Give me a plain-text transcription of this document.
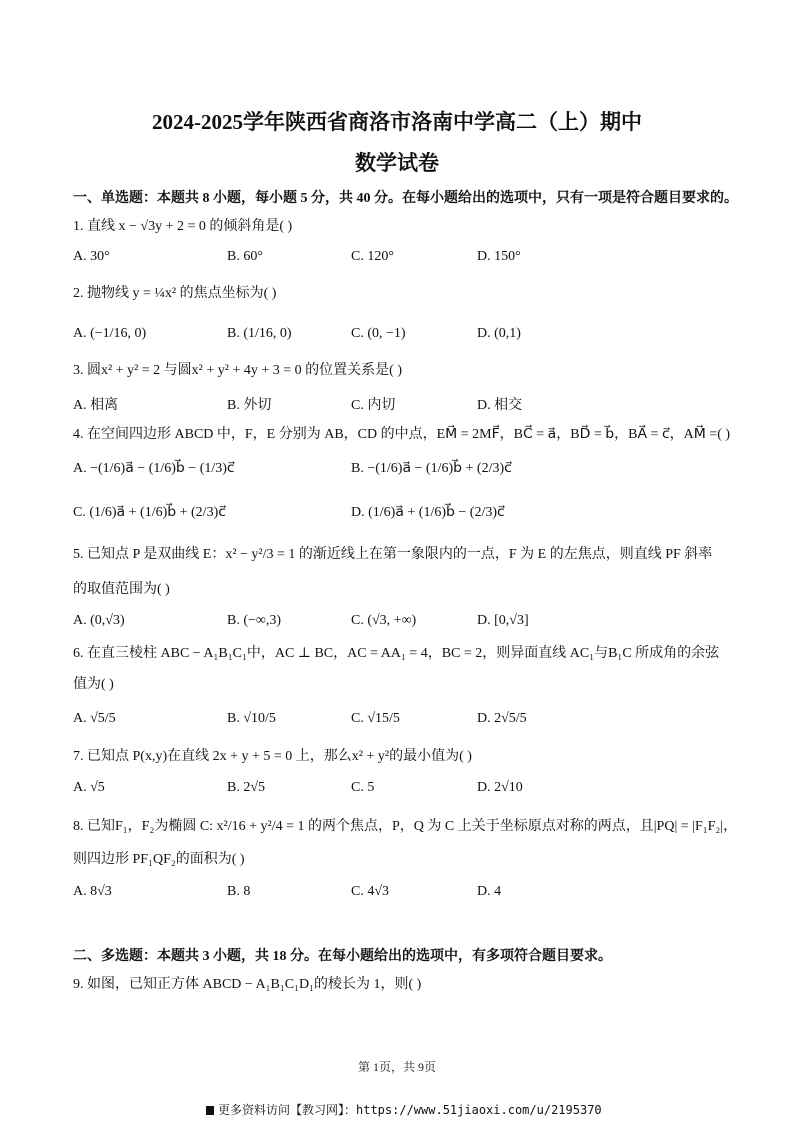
2024-2025学年陕西省商洛市洛南中学高二（上）期中
数学试卷
一、单选题：本题共 8 小题，每小题 5 分，共 40 分。在每小题给出的选项中，只有一项是符合题目要求的。
1. 直线 x − √3y + 2 = 0 的倾斜角是( )
A. 30°	B. 60°	C. 120°	D. 150°
2. 抛物线 y = ¼x² 的焦点坐标为( )
A. (−1/16, 0)	B. (1/16, 0)	C. (0, −1)	D. (0,1)
3. 圆x² + y² = 2 与圆x² + y² + 4y + 3 = 0 的位置关系是( )
A. 相离	B. 外切	C. 内切	D. 相交
4. 在空间四边形 ABCD 中，F，E 分别为 AB，CD 的中点，EM⃗ = 2MF⃗，BC⃗ = a⃗，BD⃗ = b⃗，BA⃗ = c⃗，AM⃗ =( )
A. −(1/6)a⃗ − (1/6)b⃗ − (1/3)c⃗	B. −(1/6)a⃗ − (1/6)b⃗ + (2/3)c⃗
C. (1/6)a⃗ + (1/6)b⃗ + (2/3)c⃗	D. (1/6)a⃗ + (1/6)b⃗ − (2/3)c⃗
5. 已知点 P 是双曲线 E：x² − y²/3 = 1 的渐近线上在第一象限内的一点，F 为 E 的左焦点，则直线 PF 斜率
的取值范围为( )
A. (0,√3)	B. (−∞,3)	C. (√3, +∞)	D. [0,√3]
6. 在直三棱柱 ABC − A₁B₁C₁中，AC ⊥ BC，AC = AA₁ = 4，BC = 2，则异面直线 AC₁与B₁C 所成角的余弦
值为( )
A. √5/5	B. √10/5	C. √15/5	D. 2√5/5
7. 已知点 P(x,y)在直线 2x + y + 5 = 0 上，那么x² + y²的最小值为( )
A. √5	B. 2√5	C. 5	D. 2√10
8. 已知F₁，F₂为椭圆 C: x²/16 + y²/4 = 1 的两个焦点，P，Q 为 C 上关于坐标原点对称的两点，且|PQ| = |F₁F₂|，
则四边形 PF₁QF₂的面积为( )
A. 8√3	B. 8	C. 4√3	D. 4
二、多选题：本题共 3 小题，共 18 分。在每小题给出的选项中，有多项符合题目要求。
9. 如图，已知正方体 ABCD − A₁B₁C₁D₁的棱长为 1，则( )
第 1页，共 9页
更多资料访问【教习网】：https://www.51jiaoxi.com/u/2195370
